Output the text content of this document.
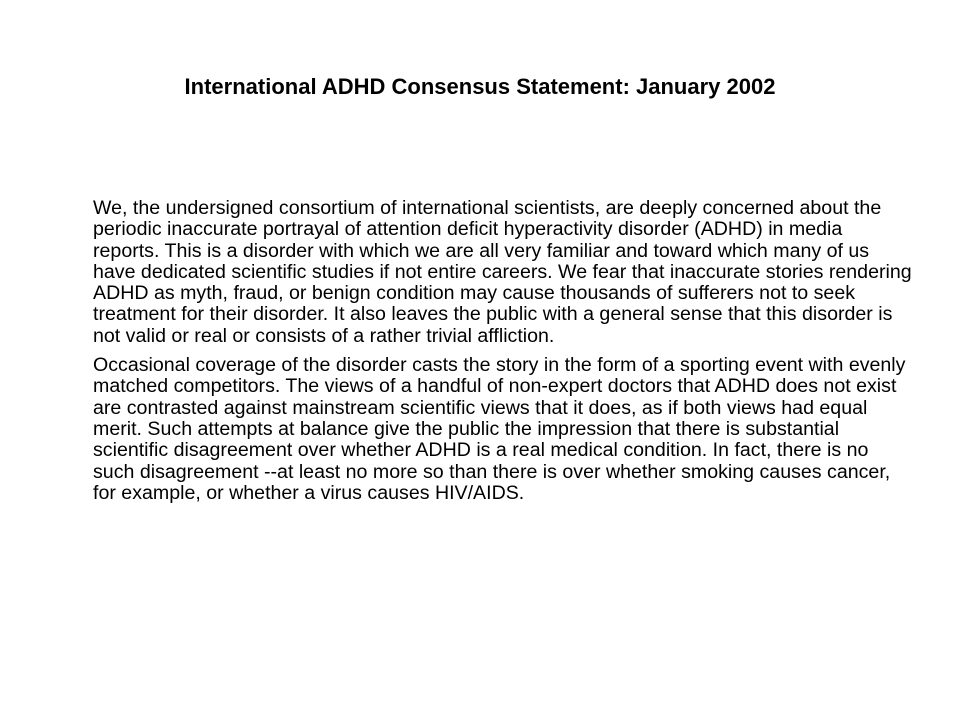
International ADHD Consensus Statement: January 2002

We, the undersigned consortium of international scientists, are deeply concerned about the periodic inaccurate portrayal of attention deficit hyperactivity disorder (ADHD) in media reports. This is a disorder with which we are all very familiar and toward which many of us have dedicated scientific studies if not entire careers. We fear that inaccurate stories rendering ADHD as myth, fraud, or benign condition may cause thousands of sufferers not to seek treatment for their disorder. It also leaves the public with a general sense that this disorder is not valid or real or consists of a rather trivial affliction.

Occasional coverage of the disorder casts the story in the form of a sporting event with evenly matched competitors. The views of a handful of non-expert doctors that ADHD does not exist are contrasted against mainstream scientific views that it does, as if both views had equal merit. Such attempts at balance give the public the impression that there is substantial scientific disagreement over whether ADHD is a real medical condition. In fact, there is no such disagreement --at least no more so than there is over whether smoking causes cancer, for example, or whether a virus causes HIV/AIDS.
